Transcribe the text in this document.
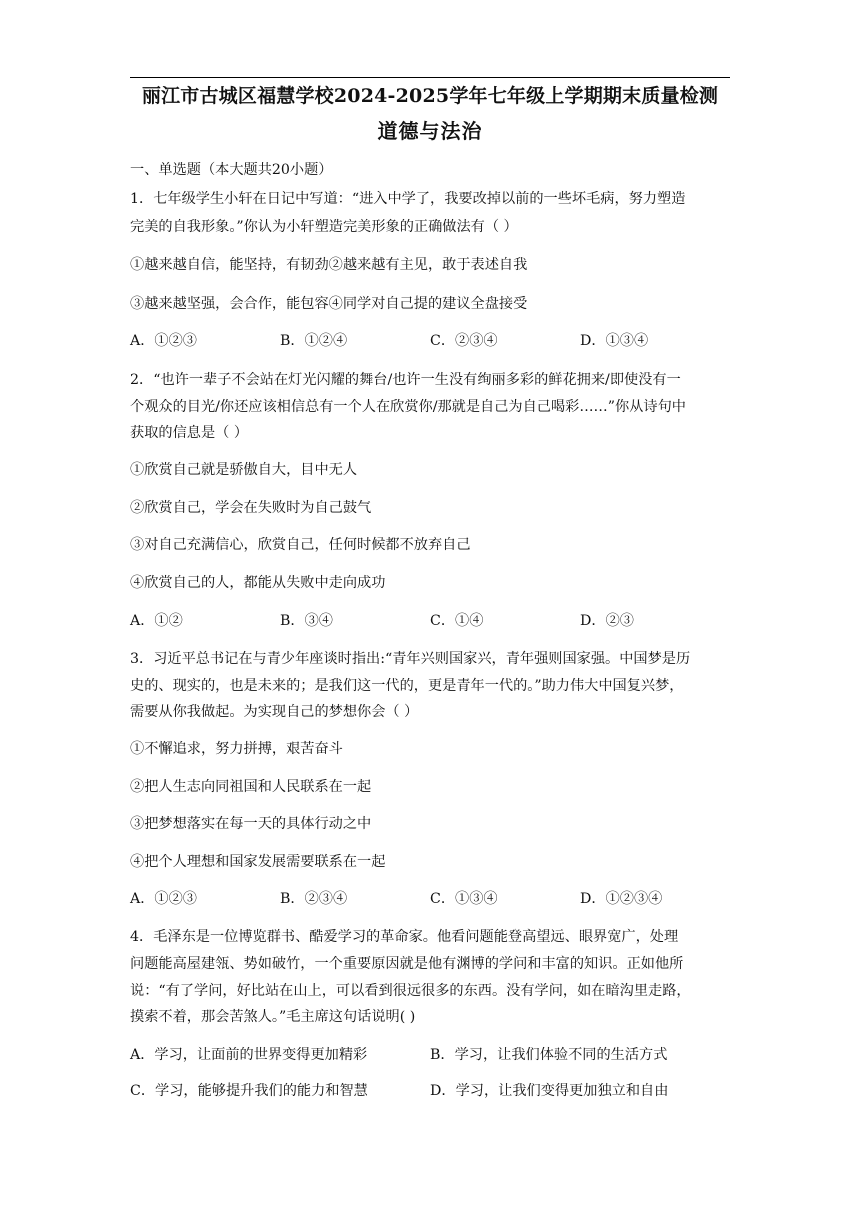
丽江市古城区福慧学校2024-2025学年七年级上学期期末质量检测
道德与法治
一、单选题（本大题共20小题）
1．七年级学生小轩在日记中写道：“进入中学了，我要改掉以前的一些坏毛病，努力塑造
完美的自我形象。”你认为小轩塑造完美形象的正确做法有（ ）
①越来越自信，能坚持，有韧劲②越来越有主见，敢于表述自我
③越来越坚强，会合作，能包容④同学对自己提的建议全盘接受
A．①②③	B．①②④	C．②③④	D．①③④
2．“也许一辈子不会站在灯光闪耀的舞台/也许一生没有绚丽多彩的鲜花拥来/即使没有一
个观众的目光/你还应该相信总有一个人在欣赏你/那就是自己为自己喝彩……”你从诗句中
获取的信息是（ ）
①欣赏自己就是骄傲自大，目中无人
②欣赏自己，学会在失败时为自己鼓气
③对自己充满信心，欣赏自己，任何时候都不放弃自己
④欣赏自己的人，都能从失败中走向成功
A．①②	B．③④	C．①④	D．②③
3．习近平总书记在与青少年座谈时指出:“青年兴则国家兴，青年强则国家强。中国梦是历
史的、现实的，也是未来的；是我们这一代的，更是青年一代的。”助力伟大中国复兴梦，
需要从你我做起。为实现自己的梦想你会（ ）
①不懈追求，努力拼搏，艰苦奋斗
②把人生志向同祖国和人民联系在一起
③把梦想落实在每一天的具体行动之中
④把个人理想和国家发展需要联系在一起
A．①②③	B．②③④	C．①③④	D．①②③④
4．毛泽东是一位博览群书、酷爱学习的革命家。他看问题能登高望远、眼界宽广，处理
问题能高屋建瓴、势如破竹，一个重要原因就是他有渊博的学问和丰富的知识。正如他所
说：“有了学问，好比站在山上，可以看到很远很多的东西。没有学问，如在暗沟里走路，
摸索不着，那会苦煞人。”毛主席这句话说明( )
A．学习，让面前的世界变得更加精彩	B．学习，让我们体验不同的生活方式
C．学习，能够提升我们的能力和智慧	D．学习，让我们变得更加独立和自由
